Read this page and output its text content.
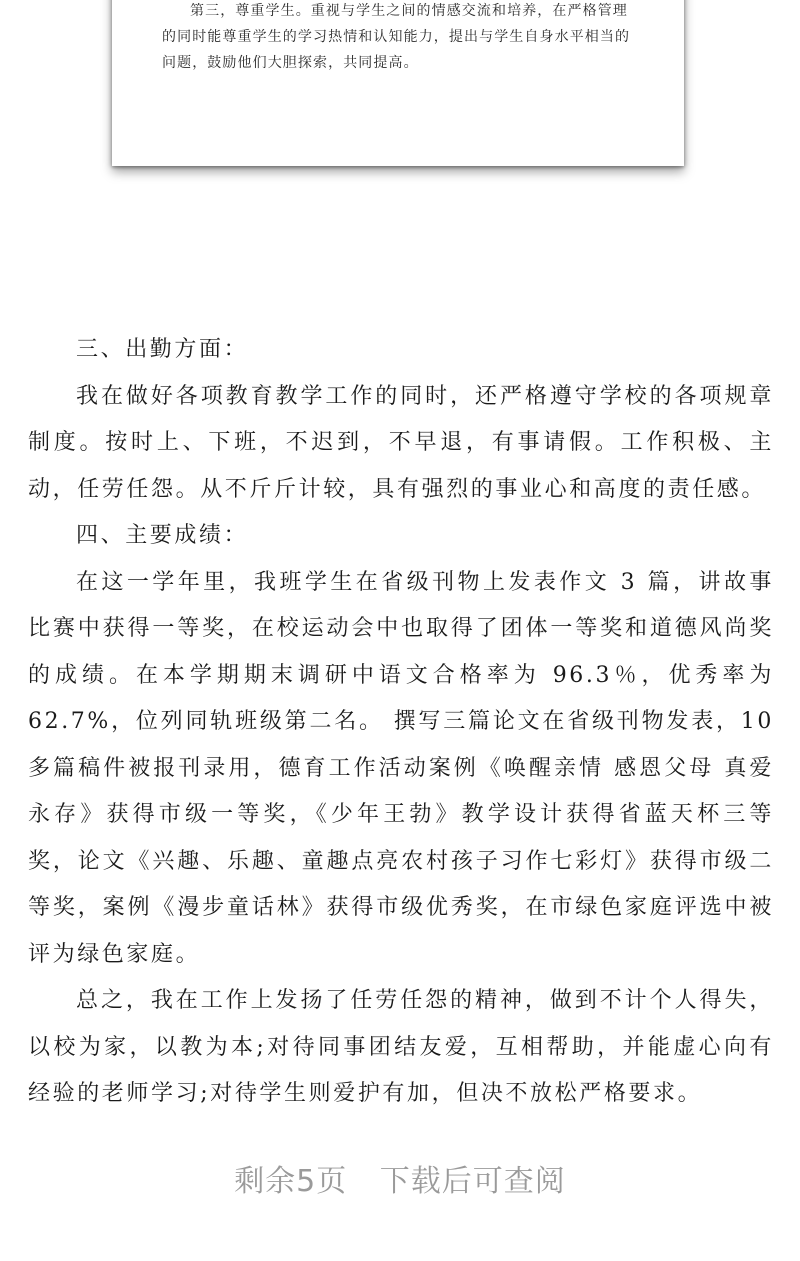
第三，尊重学生。重视与学生之间的情感交流和培养，在严格管理的同时能尊重学生的学习热情和认知能力，提出与学生自身水平相当的问题，鼓励他们大胆探索，共同提高。

三、出勤方面：

我在做好各项教育教学工作的同时，还严格遵守学校的各项规章制度。按时上、下班，不迟到，不早退，有事请假。工作积极、主动，任劳任怨。从不斤斤计较，具有强烈的事业心和高度的责任感。

四、主要成绩：

在这一学年里，我班学生在省级刊物上发表作文 3 篇，讲故事比赛中获得一等奖，在校运动会中也取得了团体一等奖和道德风尚奖的成绩。在本学期期末调研中语文合格率为 96.3％，优秀率为 62.7%，位列同轨班级第二名。 撰写三篇论文在省级刊物发表，10 多篇稿件被报刊录用，德育工作活动案例《唤醒亲情 感恩父母 真爱永存》获得市级一等奖，《少年王勃》教学设计获得省蓝天杯三等奖，论文《兴趣、乐趣、童趣点亮农村孩子习作七彩灯》获得市级二等奖，案例《漫步童话林》获得市级优秀奖，在市绿色家庭评选中被评为绿色家庭。

总之，我在工作上发扬了任劳任怨的精神，做到不计个人得失，以校为家，以教为本;对待同事团结友爱，互相帮助，并能虚心向有经验的老师学习;对待学生则爱护有加，但决不放松严格要求。

剩余5页 下载后可查阅
